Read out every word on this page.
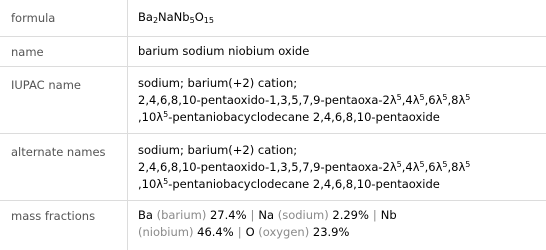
formula	$Ba_2NaNb_5O_{15}$
name	barium sodium niobium oxide
IUPAC name	sodium; barium(+2) cation;
$2,4,6,8,10-pentaoxido-1,3,5,7,9-pentaoxa-2\lambda^5,4\lambda^5,6\lambda^5,8\lambda^5$
$,10\lambda^5$-pentaniobacyclodecane 2,4,6,8,10-pentaoxide
alternate names	sodium; barium(+2) cation;
$2,4,6,8,10-pentaoxido-1,3,5,7,9-pentaoxa-2\lambda^5,4\lambda^5,6\lambda^5,8\lambda^5$
$,10\lambda^5$-pentaniobacyclodecane 2,4,6,8,10-pentaoxide
mass fractions	Ba (barium) 27.4% | Na (sodium) 2.29% | Nb
(niobium) 46.4% | O (oxygen) 23.9%
